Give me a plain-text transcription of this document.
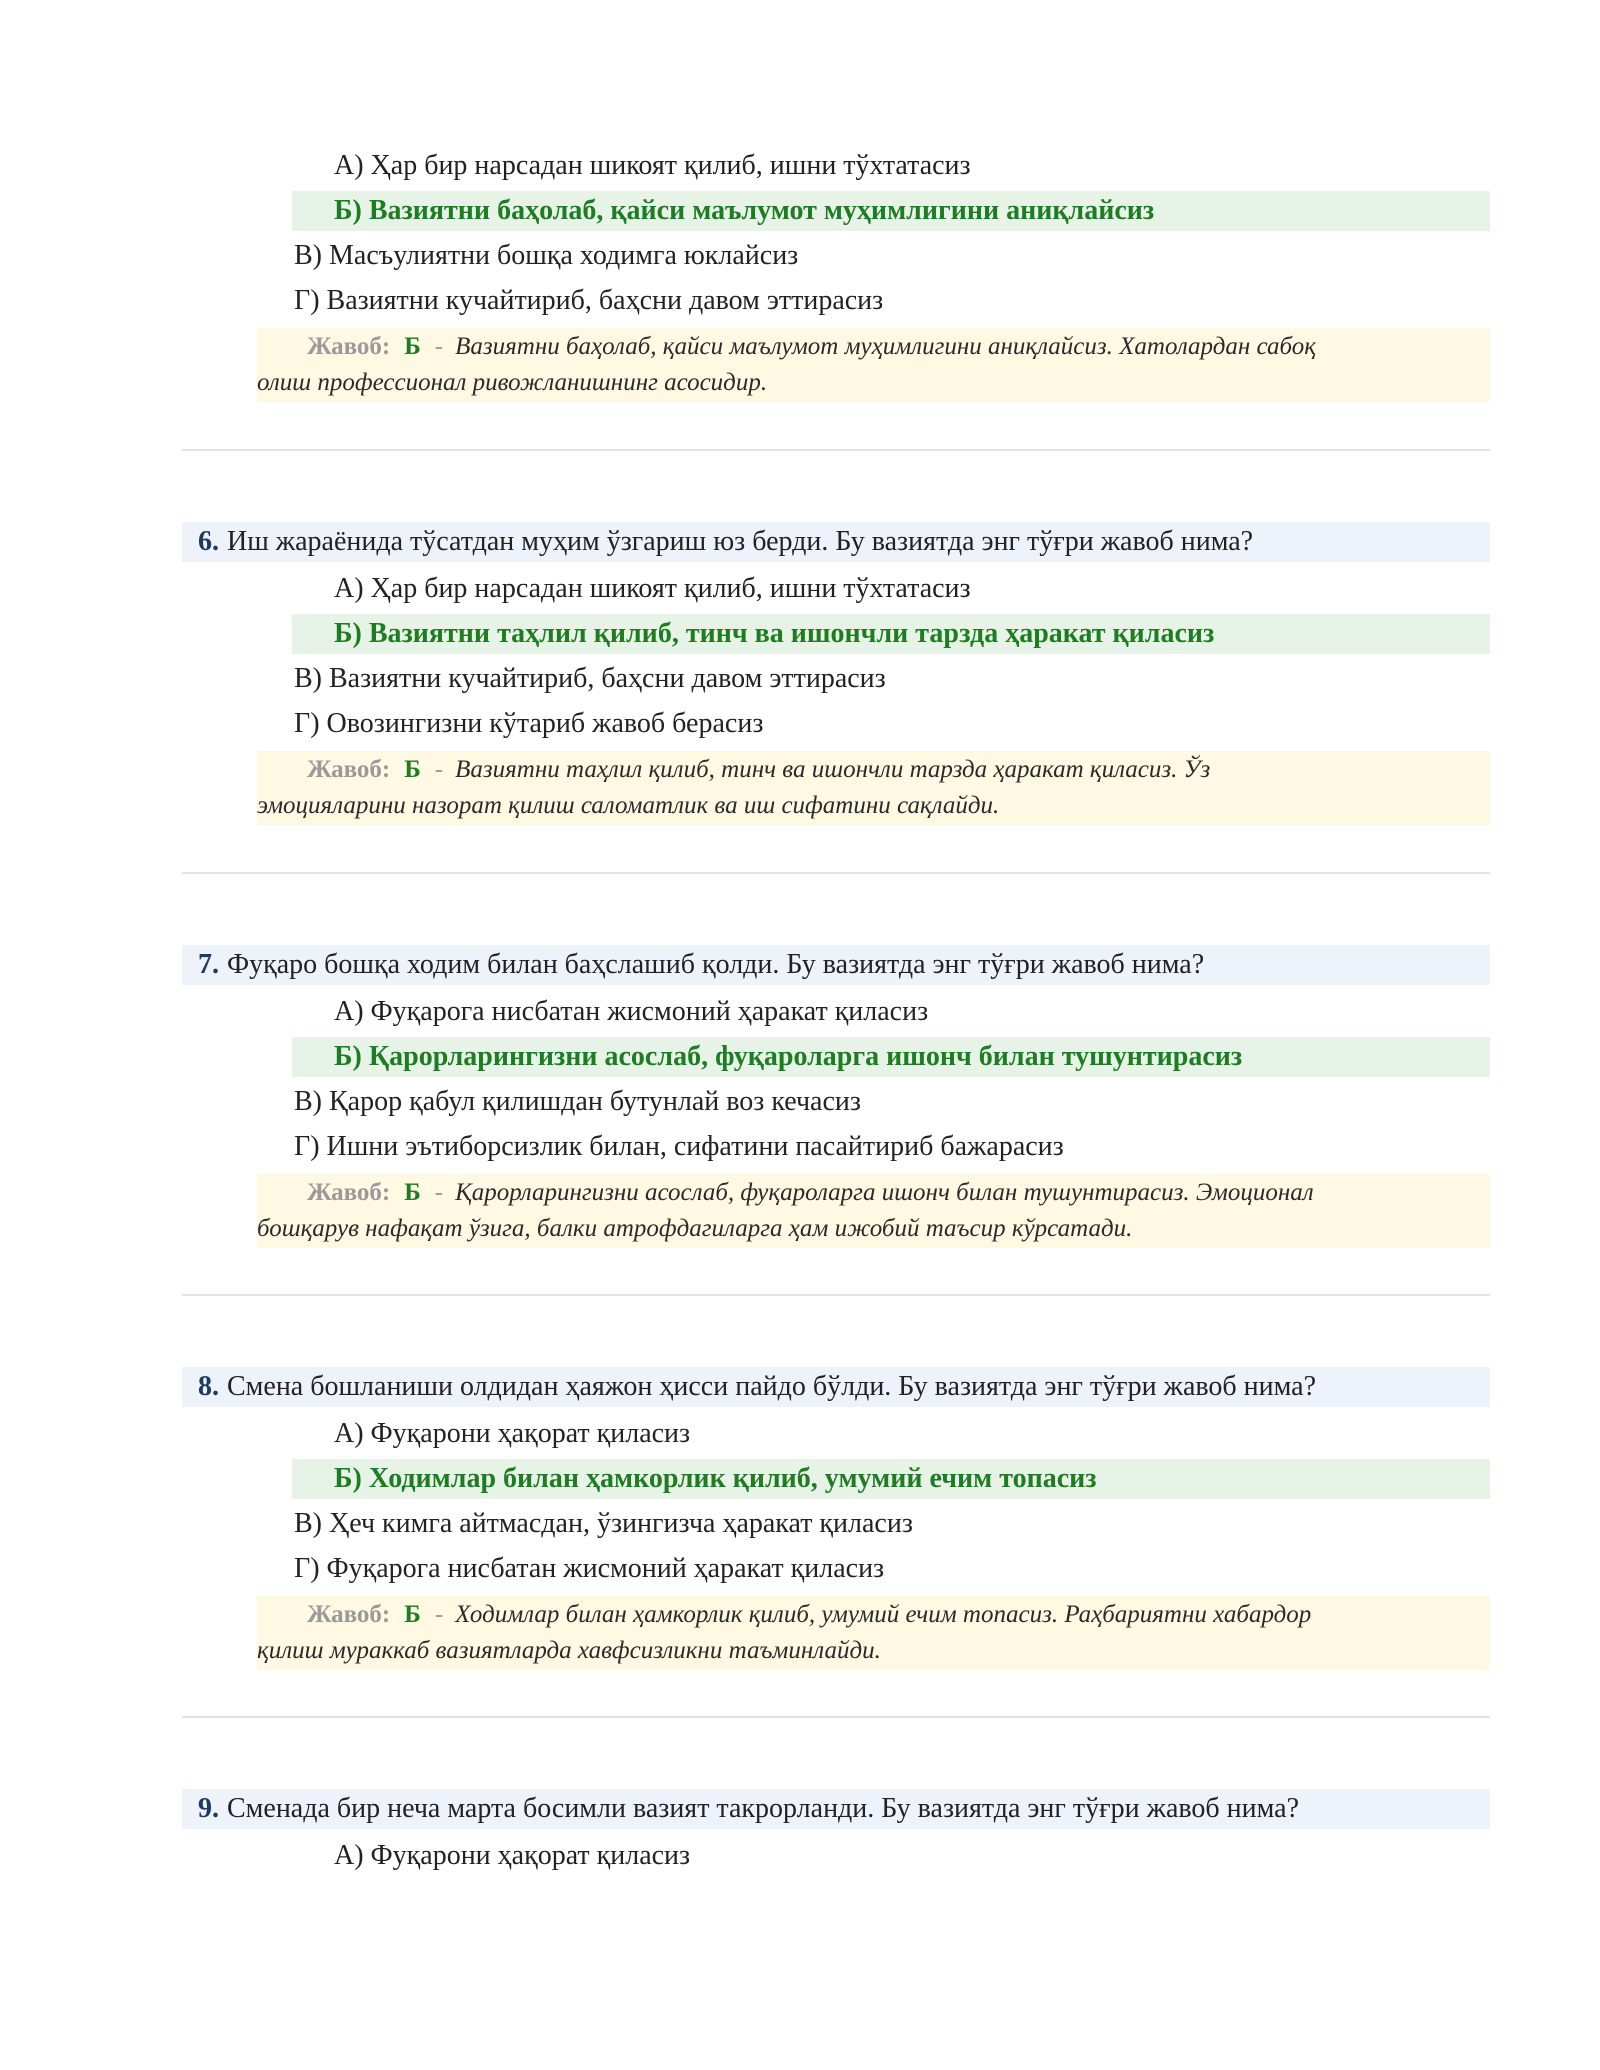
А) Ҳар бир нарсадан шикоят қилиб, ишни тўхтатасиз
Б) Вазиятни баҳолаб, қайси маълумот муҳимлигини аниқлайсиз
В) Масъулиятни бошқа ходимга юклайсиз
Г) Вазиятни кучайтириб, баҳсни давом эттирасиз
Жавоб: Б - Вазиятни баҳолаб, қайси маълумот муҳимлигини аниқлайсиз. Хатолардан сабоқ
олиш профессионал ривожланишнинг асосидир.
6. Иш жараёнида тўсатдан муҳим ўзгариш юз берди. Бу вазиятда энг тўғри жавоб нима?
А) Ҳар бир нарсадан шикоят қилиб, ишни тўхтатасиз
Б) Вазиятни таҳлил қилиб, тинч ва ишончли тарзда ҳаракат қиласиз
В) Вазиятни кучайтириб, баҳсни давом эттирасиз
Г) Овозингизни кўтариб жавоб берасиз
Жавоб: Б - Вазиятни таҳлил қилиб, тинч ва ишончли тарзда ҳаракат қиласиз. Ўз
эмоцияларини назорат қилиш саломатлик ва иш сифатини сақлайди.
7. Фуқаро бошқа ходим билан баҳслашиб қолди. Бу вазиятда энг тўғри жавоб нима?
А) Фуқарога нисбатан жисмоний ҳаракат қиласиз
Б) Қарорларингизни асослаб, фуқароларга ишонч билан тушунтирасиз
В) Қарор қабул қилишдан бутунлай воз кечасиз
Г) Ишни эътиборсизлик билан, сифатини пасайтириб бажарасиз
Жавоб: Б - Қарорларингизни асослаб, фуқароларга ишонч билан тушунтирасиз. Эмоционал
бошқарув нафақат ўзига, балки атрофдагиларга ҳам ижобий таъсир кўрсатади.
8. Смена бошланиши олдидан ҳаяжон ҳисси пайдо бўлди. Бу вазиятда энг тўғри жавоб нима?
А) Фуқарони ҳақорат қиласиз
Б) Ходимлар билан ҳамкорлик қилиб, умумий ечим топасиз
В) Ҳеч кимга айтмасдан, ўзингизча ҳаракат қиласиз
Г) Фуқарога нисбатан жисмоний ҳаракат қиласиз
Жавоб: Б - Ходимлар билан ҳамкорлик қилиб, умумий ечим топасиз. Раҳбариятни хабардор
қилиш мураккаб вазиятларда хавфсизликни таъминлайди.
9. Сменада бир неча марта босимли вазият такрорланди. Бу вазиятда энг тўғри жавоб нима?
А) Фуқарони ҳақорат қиласиз
